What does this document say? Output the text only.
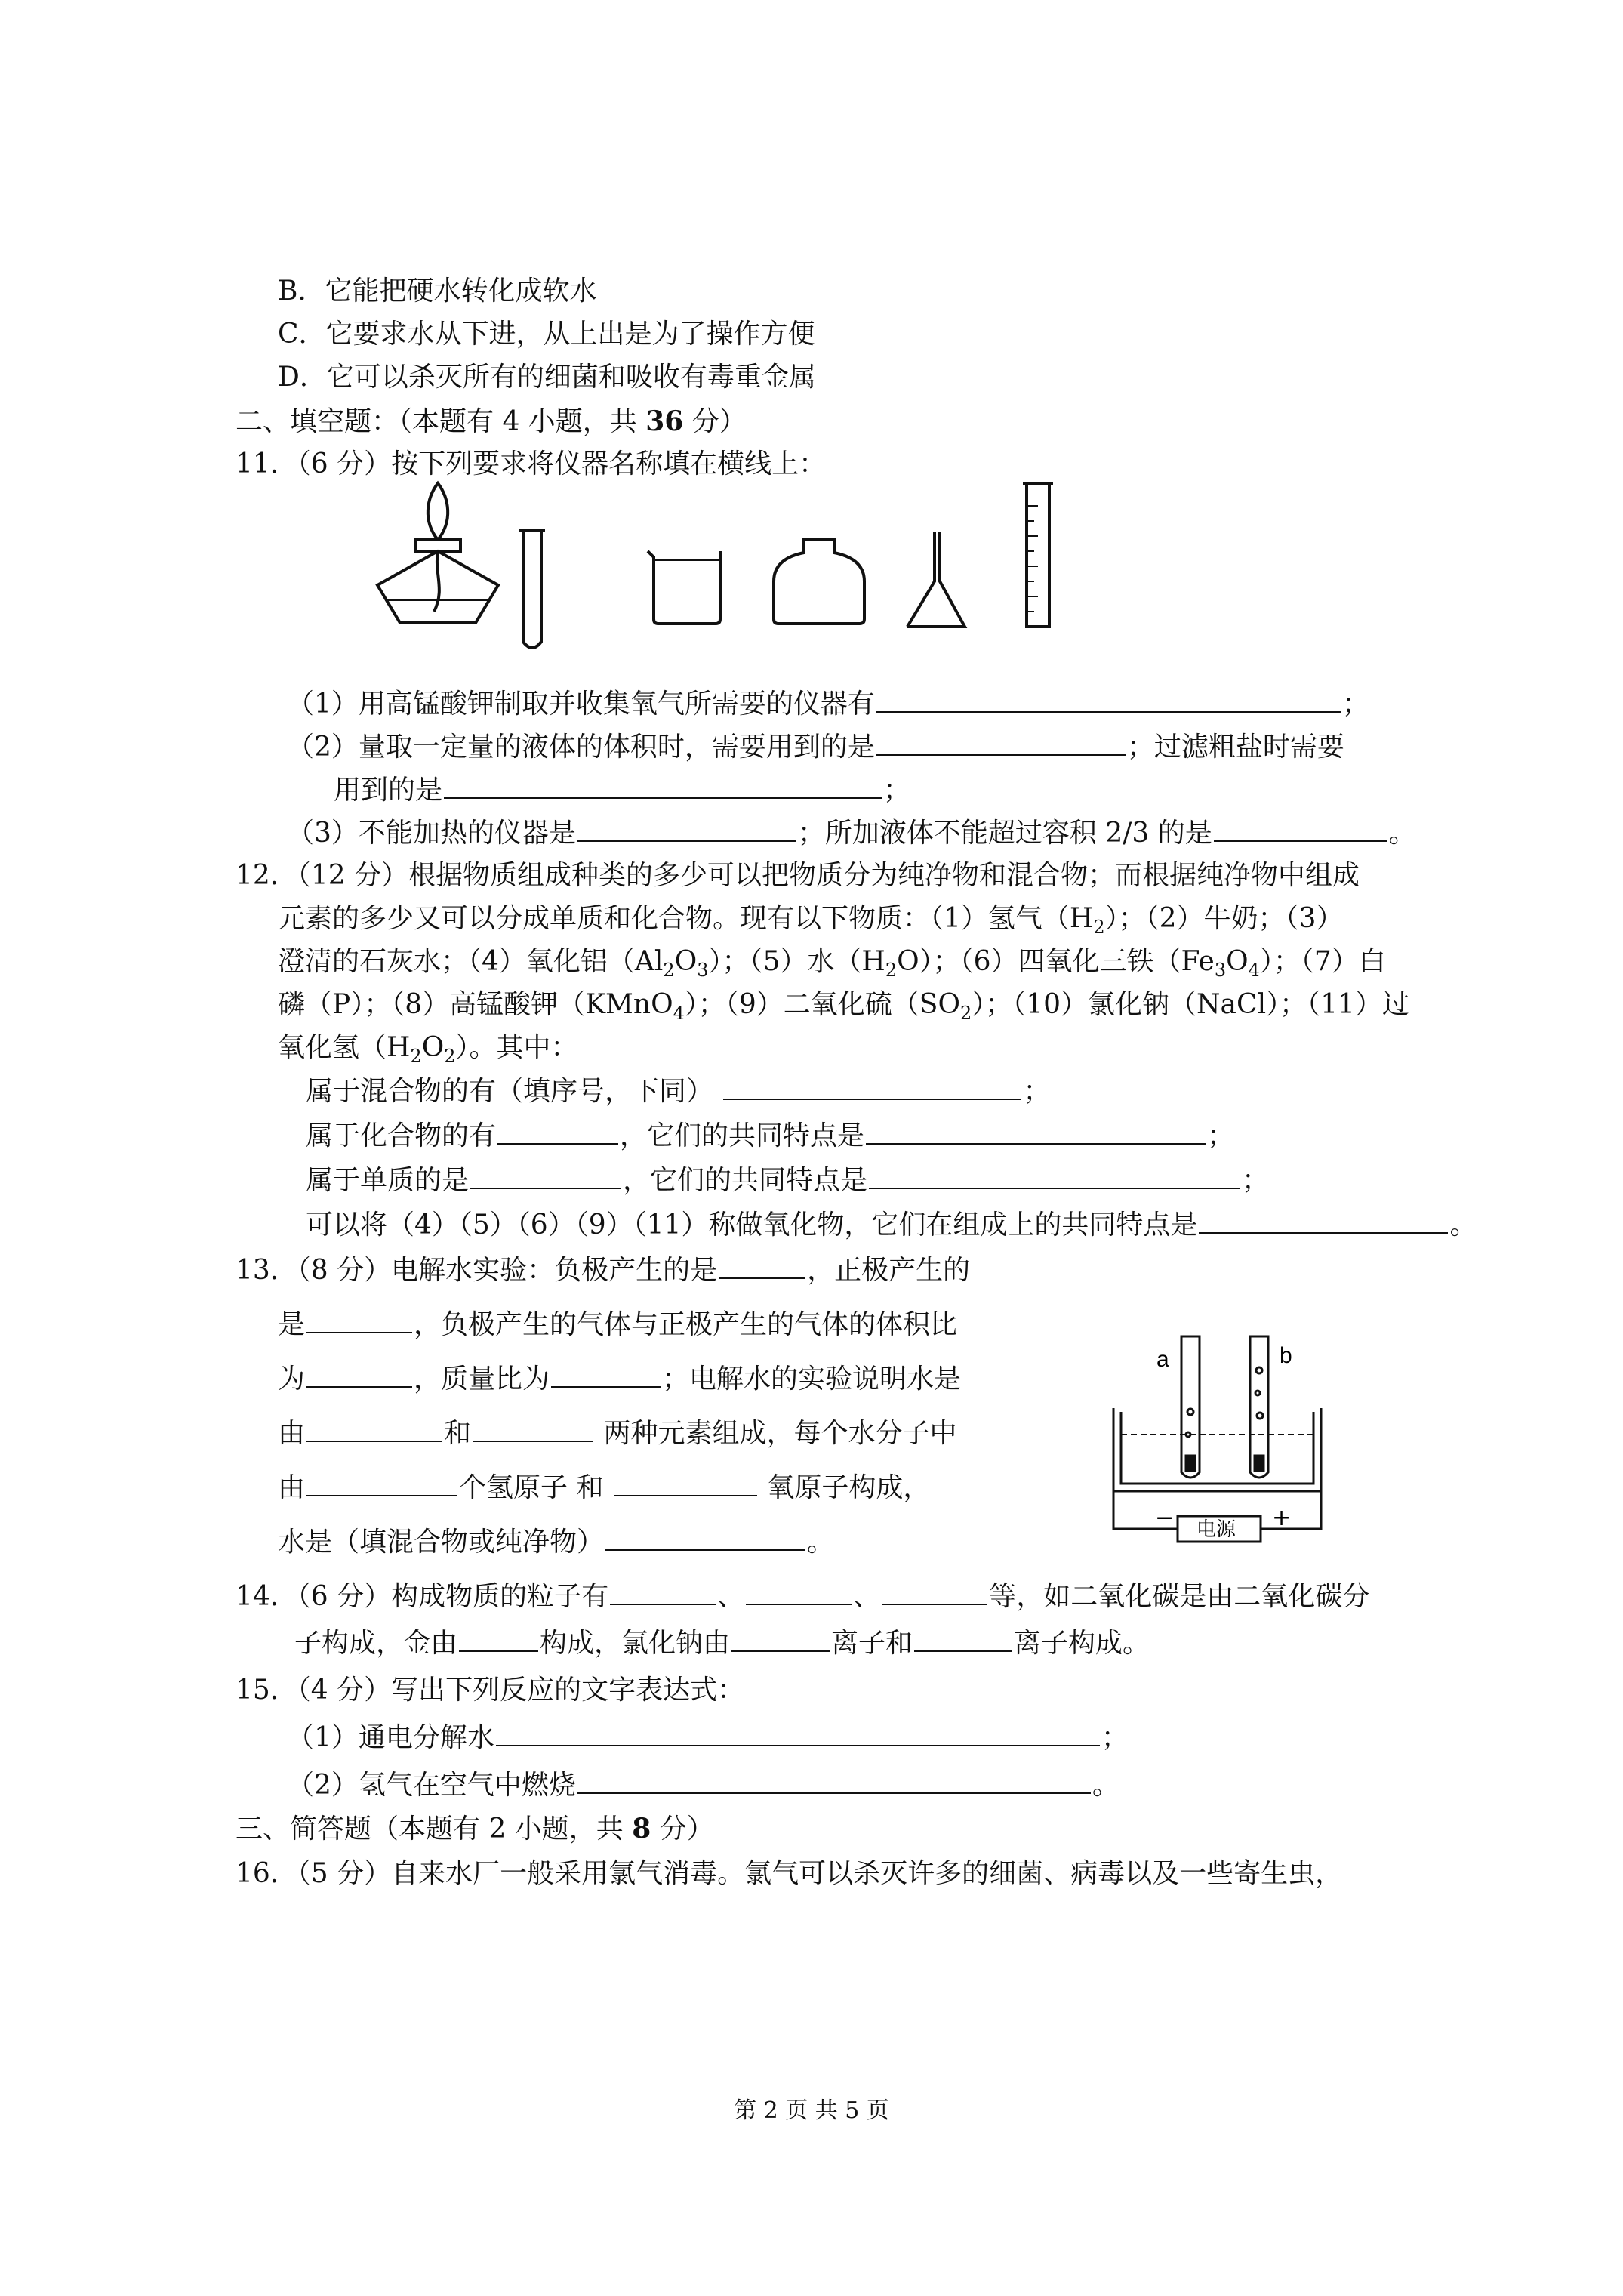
B．它能把硬水转化成软水
C．它要求水从下进，从上出是为了操作方便
D．它可以杀灭所有的细菌和吸收有毒重金属
二、填空题：（本题有 4 小题，共 36 分）
11．（6 分）按下列要求将仪器名称填在横线上：
（1）用高锰酸钾制取并收集氧气所需要的仪器有	；
（2）量取一定量的液体的体积时，需要用到的是	；过滤粗盐时需要
用到的是	；
（3）不能加热的仪器是	；所加液体不能超过容积 2/3 的是	。
12．（12 分）根据物质组成种类的多少可以把物质分为纯净物和混合物；而根据纯净物中组成
元素的多少又可以分成单质和化合物。现有以下物质：（1）氢气$(H_2)$；（2）牛奶；（3）
澄清的石灰水；（4）氧化铝$(Al_2O_3)$；（5）水$(H_2O)$；（6）四氧化三铁$(Fe_3O_4)$；（7）白
磷（P）；（8）高锰酸钾（KMnO$_4$）；（9）二氧化硫$(SO_2)$；（10）氯化钠（NaCl）；（11）过
氧化氢$(H_2O_2)$。其中：
属于混合物的有（填序号，下同）	；
属于化合物的有	，它们的共同特点是	；
属于单质的是	，它们的共同特点是	；
可以将（4）（5）（6）（9）（11）称做氧化物，它们在组成上的共同特点是	。
13．（8 分）电解水实验：负极产生的是	，正极产生的
是	，负极产生的气体与正极产生的气体的体积比
为	，质量比为	；电解水的实验说明水是
由	和	两种元素组成，每个水分子中
由	个氢原子 和	氧原子构成，
水是（填混合物或纯净物）	。
a	b
电源
−	+
14．（6 分）构成物质的粒子有	、	、	等，如二氧化碳是由二氧化碳分
子构成，金由	构成，氯化钠由	离子和	离子构成。
15．（4 分）写出下列反应的文字表达式：
（1）通电分解水	；
（2）氢气在空气中燃烧	。
三、简答题（本题有 2 小题，共 8 分）
16．（5 分）自来水厂一般采用氯气消毒。氯气可以杀灭许多的细菌、病毒以及一些寄生虫，
第 2 页 共 5 页
